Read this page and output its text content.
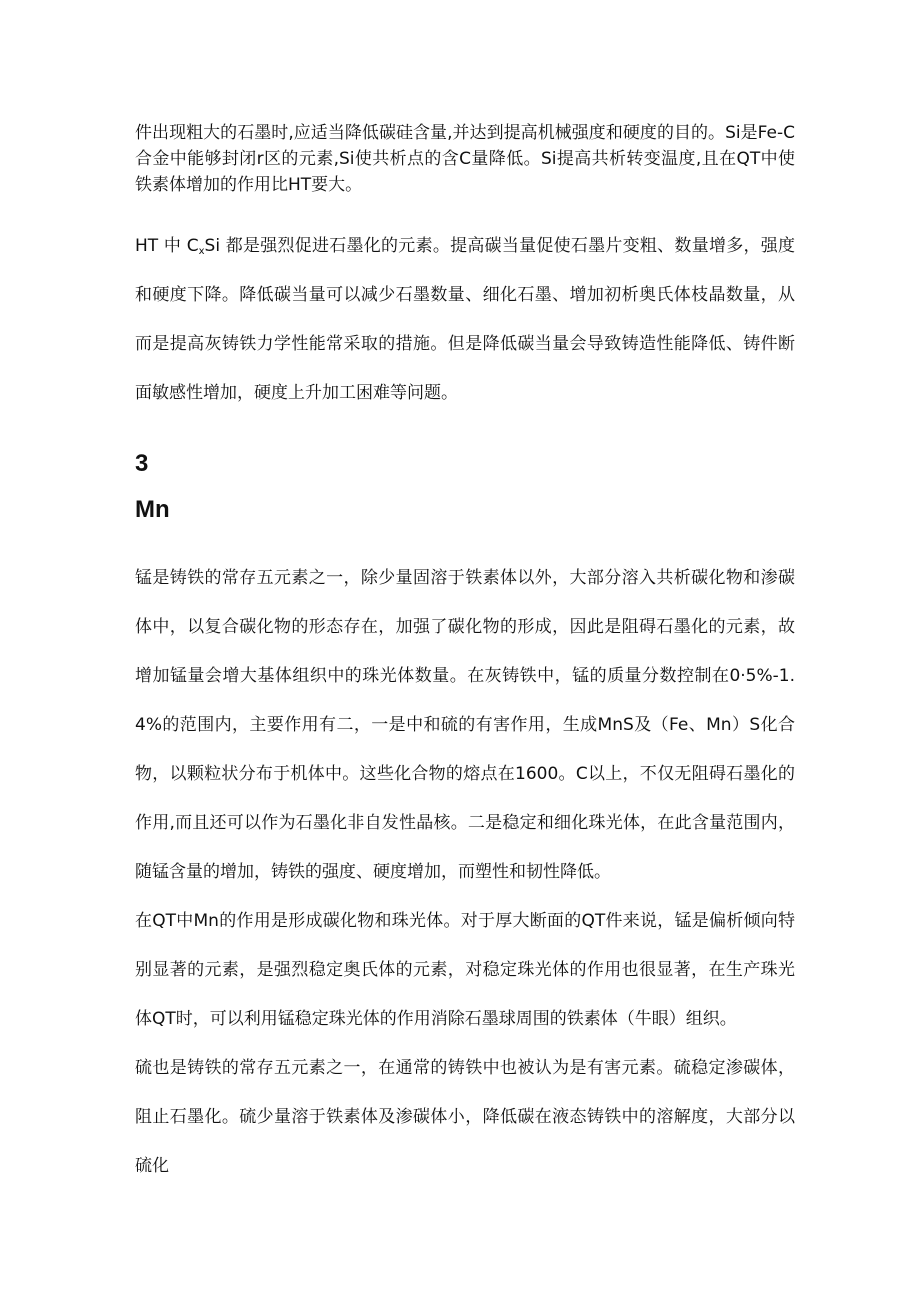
件出现粗大的石墨时,应适当降低碳硅含量,并达到提高机械强度和硬度的目的。Si是Fe-C合金中能够封闭r区的元素,Si使共析点的含C量降低。Si提高共析转变温度,且在QT中使铁素体增加的作用比HT要大。

HT 中 $C_xSi$ 都是强烈促进石墨化的元素。提高碳当量促使石墨片变粗、数量增多，强度和硬度下降。降低碳当量可以减少石墨数量、细化石墨、增加初析奥氏体枝晶数量，从而是提高灰铸铁力学性能常采取的措施。但是降低碳当量会导致铸造性能降低、铸件断面敏感性增加，硬度上升加工困难等问题。

3
Mn

锰是铸铁的常存五元素之一，除少量固溶于铁素体以外，大部分溶入共析碳化物和渗碳体中，以复合碳化物的形态存在，加强了碳化物的形成，因此是阻碍石墨化的元素，故增加锰量会增大基体组织中的珠光体数量。在灰铸铁中，锰的质量分数控制在0·5%-1.4%的范围内，主要作用有二，一是中和硫的有害作用，生成MnS及（Fe、Mn）S化合物，以颗粒状分布于机体中。这些化合物的熔点在1600。C以上，不仅无阻碍石墨化的作用,而且还可以作为石墨化非自发性晶核。二是稳定和细化珠光体，在此含量范围内，随锰含量的增加，铸铁的强度、硬度增加，而塑性和韧性降低。

在QT中Mn的作用是形成碳化物和珠光体。对于厚大断面的QT件来说，锰是偏析倾向特别显著的元素，是强烈稳定奥氏体的元素，对稳定珠光体的作用也很显著，在生产珠光体QT时，可以利用锰稳定珠光体的作用消除石墨球周围的铁素体（牛眼）组织。

硫也是铸铁的常存五元素之一，在通常的铸铁中也被认为是有害元素。硫稳定渗碳体，阻止石墨化。硫少量溶于铁素体及渗碳体小，降低碳在液态铸铁中的溶解度，大部分以硫化
